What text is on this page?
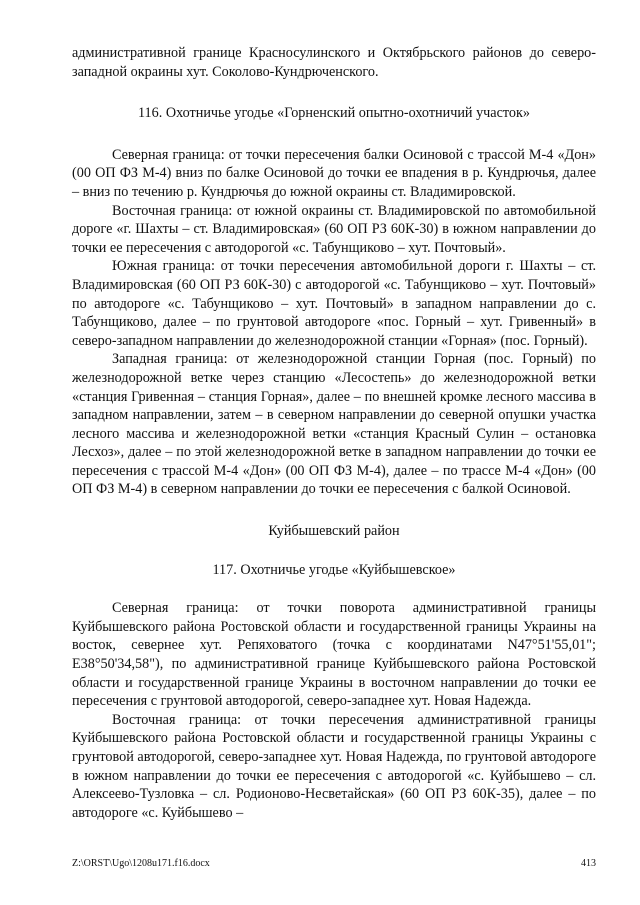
административной границе Красносулинского и Октябрьского районов до северо-западной окраины хут. Соколово-Кундрюченского.

116. Охотничье угодье «Горненский опытно-охотничий участок»

Северная граница: от точки пересечения балки Осиновой с трассой М-4 «Дон» (00 ОП ФЗ М-4) вниз по балке Осиновой до точки ее впадения в р. Кундрючья, далее – вниз по течению р. Кундрючья до южной окраины ст. Владимировской.

Восточная граница: от южной окраины ст. Владимировской по автомобильной дороге «г. Шахты – ст. Владимировская» (60 ОП РЗ 60К-30) в южном направлении до точки ее пересечения с автодорогой «с. Табунщиково – хут. Почтовый».

Южная граница: от точки пересечения автомобильной дороги г. Шахты – ст. Владимировская (60 ОП РЗ 60К-30) с автодорогой «с. Табунщиково – хут. Почтовый» по автодороге «с. Табунщиково – хут. Почтовый» в западном направлении до с. Табунщиково, далее – по грунтовой автодороге «пос. Горный – хут. Гривенный» в северо-западном направлении до железнодорожной станции «Горная» (пос. Горный).

Западная граница: от железнодорожной станции Горная (пос. Горный) по железнодорожной ветке через станцию «Лесостепь» до железнодорожной ветки «станция Гривенная – станция Горная», далее – по внешней кромке лесного массива в западном направлении, затем – в северном направлении до северной опушки участка лесного массива и железнодорожной ветки «станция Красный Сулин – остановка Лесхоз», далее – по этой железнодорожной ветке в западном направлении до точки ее пересечения с трассой М-4 «Дон» (00 ОП ФЗ М-4), далее – по трассе М-4 «Дон» (00 ОП ФЗ М-4) в северном направлении до точки ее пересечения с балкой Осиновой.

Куйбышевский район

117. Охотничье угодье «Куйбышевское»

Северная граница: от точки поворота административной границы Куйбышевского района Ростовской области и государственной границы Украины на восток, севернее хут. Репяховатого (точка с координатами N47°51'55,01"; E38°50'34,58"), по административной границе Куйбышевского района Ростовской области и государственной границе Украины в восточном направлении до точки ее пересечения с грунтовой автодорогой, северо-западнее хут. Новая Надежда.

Восточная граница: от точки пересечения административной границы Куйбышевского района Ростовской области и государственной границы Украины с грунтовой автодорогой, северо-западнее хут. Новая Надежда, по грунтовой автодороге в южном направлении до точки ее пересечения с автодорогой «с. Куйбышево – сл. Алексеево-Тузловка – сл. Родионово-Несветайская» (60 ОП РЗ 60К-35), далее – по автодороге «с. Куйбышево –

Z:\ORST\Ugo\1208u171.f16.docx	413
